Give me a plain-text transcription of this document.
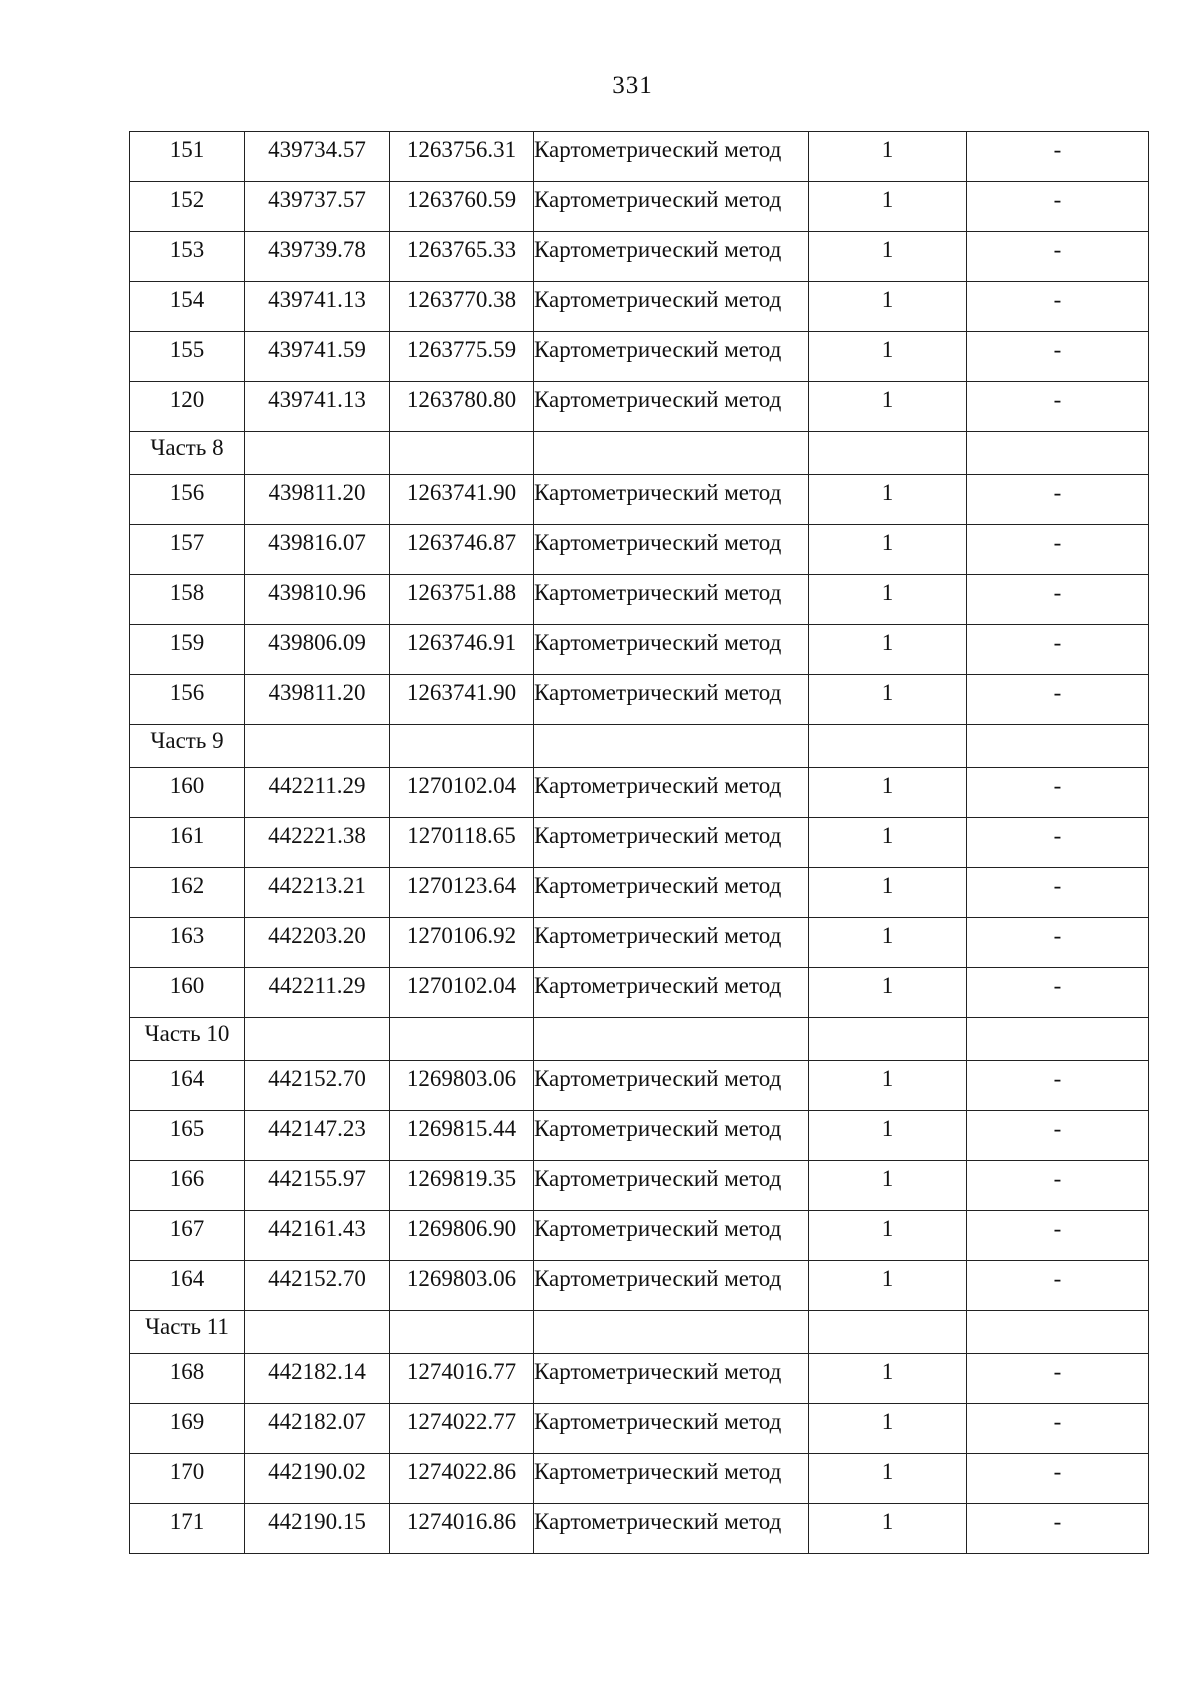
331
151	439734.57	1263756.31	Картометрический метод	1	-

152	439737.57	1263760.59	Картометрический метод	1	-

153	439739.78	1263765.33	Картометрический метод	1	-

154	439741.13	1263770.38	Картометрический метод	1	-

155	439741.59	1263775.59	Картометрический метод	1	-

120	439741.13	1263780.80	Картометрический метод	1	-

Часть 8					

156	439811.20	1263741.90	Картометрический метод	1	-

157	439816.07	1263746.87	Картометрический метод	1	-

158	439810.96	1263751.88	Картометрический метод	1	-

159	439806.09	1263746.91	Картометрический метод	1	-

156	439811.20	1263741.90	Картометрический метод	1	-

Часть 9					

160	442211.29	1270102.04	Картометрический метод	1	-

161	442221.38	1270118.65	Картометрический метод	1	-

162	442213.21	1270123.64	Картометрический метод	1	-

163	442203.20	1270106.92	Картометрический метод	1	-

160	442211.29	1270102.04	Картометрический метод	1	-

Часть 10					

164	442152.70	1269803.06	Картометрический метод	1	-

165	442147.23	1269815.44	Картометрический метод	1	-

166	442155.97	1269819.35	Картометрический метод	1	-

167	442161.43	1269806.90	Картометрический метод	1	-

164	442152.70	1269803.06	Картометрический метод	1	-

Часть 11					

168	442182.14	1274016.77	Картометрический метод	1	-

169	442182.07	1274022.77	Картометрический метод	1	-

170	442190.02	1274022.86	Картометрический метод	1	-

171	442190.15	1274016.86	Картометрический метод	1	-
